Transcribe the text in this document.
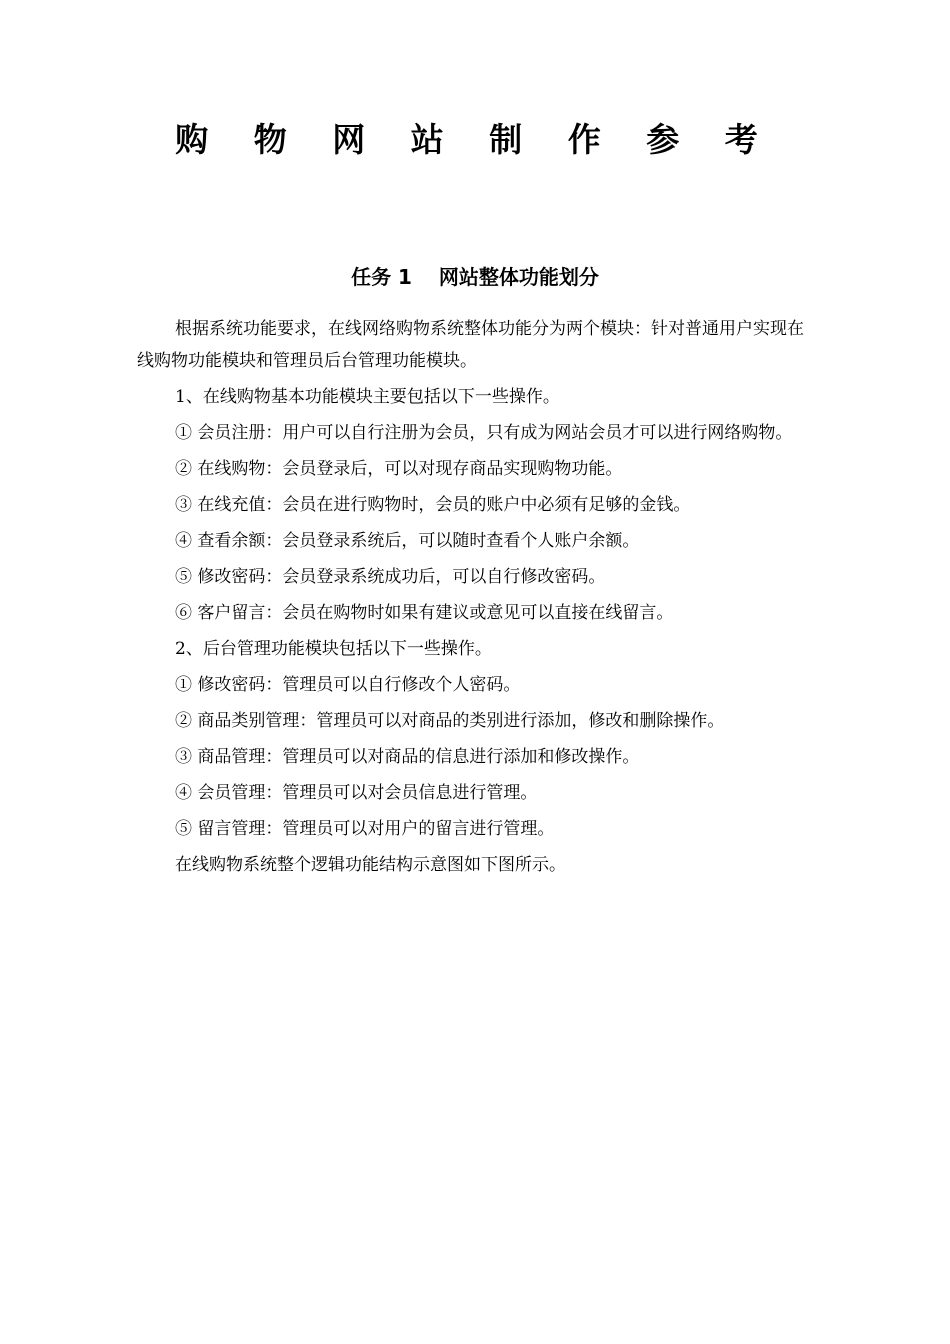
购 物 网 站 制 作 参 考
任务 1　 网站整体功能划分

根据系统功能要求，在线网络购物系统整体功能分为两个模块：针对普通用户实现在线购物功能模块和管理员后台管理功能模块。

1、在线购物基本功能模块主要包括以下一些操作。

① 会员注册：用户可以自行注册为会员，只有成为网站会员才可以进行网络购物。

② 在线购物：会员登录后，可以对现存商品实现购物功能。

③ 在线充值：会员在进行购物时，会员的账户中必须有足够的金钱。

④ 查看余额：会员登录系统后，可以随时查看个人账户余额。

⑤ 修改密码：会员登录系统成功后，可以自行修改密码。

⑥ 客户留言：会员在购物时如果有建议或意见可以直接在线留言。

2、后台管理功能模块包括以下一些操作。

① 修改密码：管理员可以自行修改个人密码。

② 商品类别管理：管理员可以对商品的类别进行添加，修改和删除操作。

③ 商品管理：管理员可以对商品的信息进行添加和修改操作。

④ 会员管理：管理员可以对会员信息进行管理。

⑤ 留言管理：管理员可以对用户的留言进行管理。

在线购物系统整个逻辑功能结构示意图如下图所示。
